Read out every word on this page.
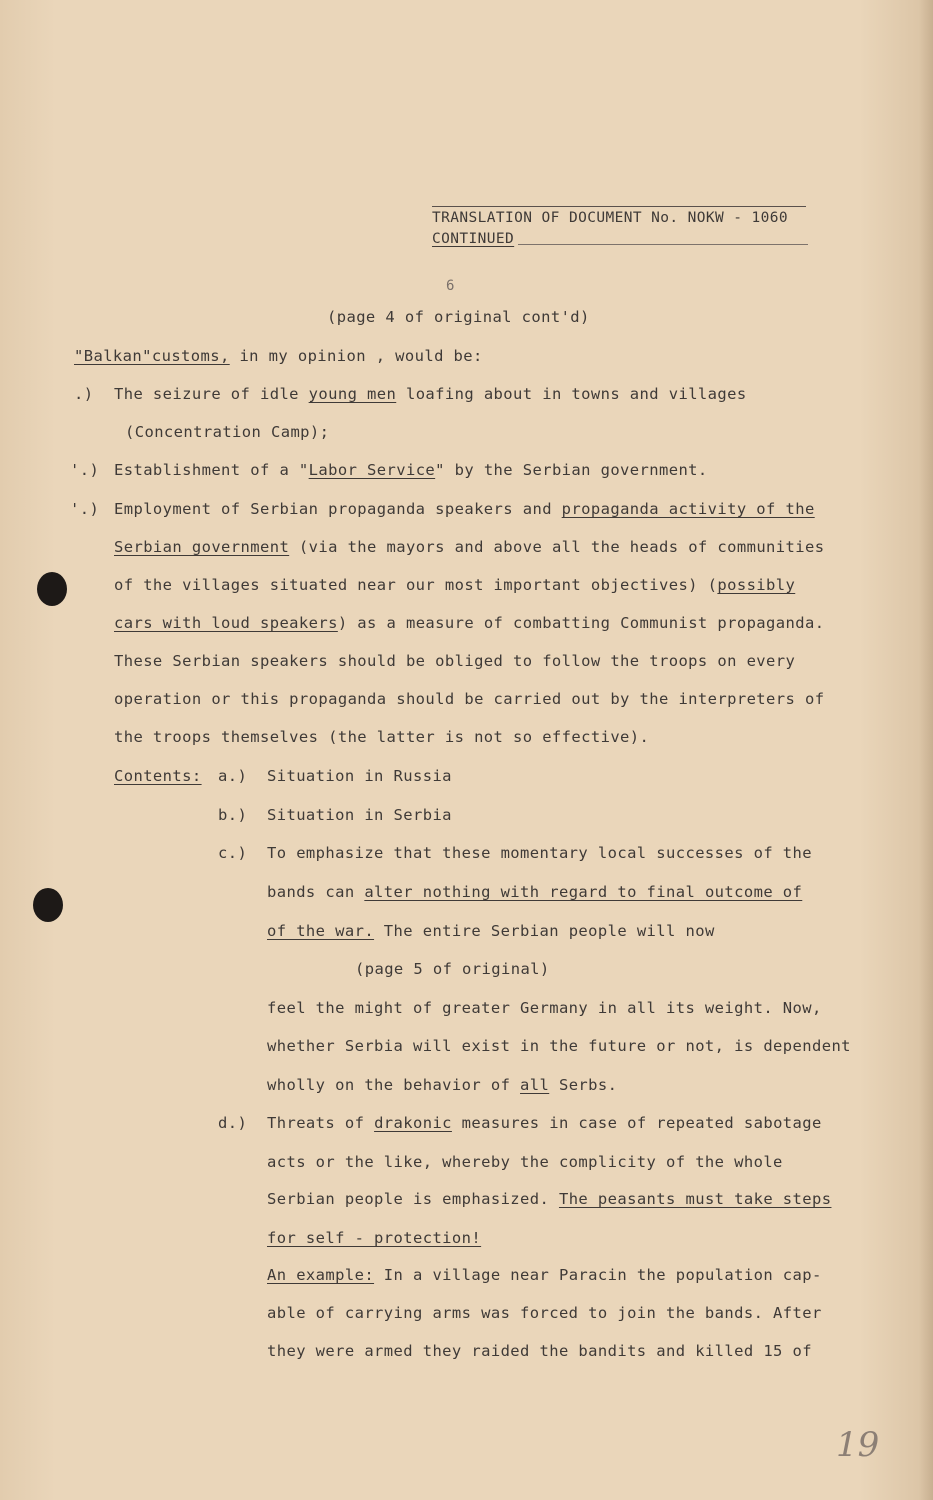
TRANSLATION OF DOCUMENT No. NOKW - 1060
CONTINUED
6
(page 4 of original cont'd)
"Balkan"customs, in my opinion , would be:
.) The seizure of idle young men loafing about in towns and villages
(Concentration Camp);
'.) Establishment of a "Labor Service" by the Serbian government.
'.) Employment of Serbian propaganda speakers and propaganda activity of the
Serbian government (via the mayors and above all the heads of communities
of the villages situated near our most important objectives) (possibly
cars with loud speakers) as a measure of combatting Communist propaganda.
These Serbian speakers should be obliged to follow the troops on every
operation or this propaganda should be carried out by the interpreters of
the troops themselves (the latter is not so effective).
Contents: a.) Situation in Russia
b.) Situation in Serbia
c.) To emphasize that these momentary local successes of the
bands can alter nothing with regard to final outcome of
of the war. The entire Serbian people will now
(page 5 of original)
feel the might of greater Germany in all its weight. Now,
whether Serbia will exist in the future or not, is dependent
wholly on the behavior of all Serbs.
d.) Threats of drakonic measures in case of repeated sabotage
acts or the like, whereby the complicity of the whole
Serbian people is emphasized. The peasants must take steps
for self - protection!
An example: In a village near Paracin the population cap-
able of carrying arms was forced to join the bands. After
they were armed they raided the bandits and killed 15 of
19
